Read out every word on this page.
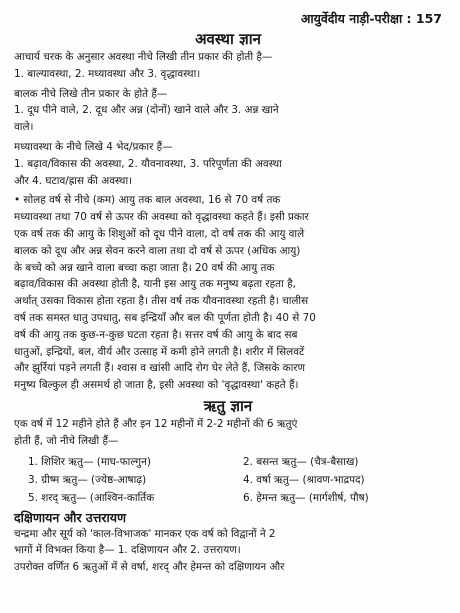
आयुर्वेदीय नाड़ी-परीक्षा : 157
अवस्था ज्ञान

आचार्य चरक के अनुसार अवस्था नीचे लिखी तीन प्रकार की होती है—

1. बाल्यावस्था, 2. मध्यावस्था और 3. वृद्धावस्था।

बालक नीचे लिखे तीन प्रकार के होते हैं—

1. दूध पीने वाले, 2. दूध और अन्न (दोनों) खाने वाले और 3. अन्न खाने

वाले।

मध्यावस्था के नीचे लिखे 4 भेद/प्रकार हैं—

1. बढ़ाव/विकास की अवस्था, 2. यौवनावस्था, 3. परिपूर्णता की अवस्था

और 4. घटाव/ह्रास की अवस्था।

• सोलह वर्ष से नीचे (कम) आयु तक बाल अवस्था, 16 से 70 वर्ष तक

मध्यावस्था तथा 70 वर्ष से ऊपर की अवस्था को वृद्धावस्था कहते हैं। इसी प्रकार

एक वर्ष तक की आयु के शिशुओं को दूध पीने वाला, दो वर्ष तक की आयु वाले

बालक को दूध और अन्न सेवन करने वाला तथा दो वर्ष से ऊपर (अधिक आयु)

के बच्चे को अन्न खाने वाला बच्चा कहा जाता है। 20 वर्ष की आयु तक

बढ़ाव/विकास की अवस्था होती है, यानी इस आयु तक मनुष्य बढ़ता रहता है,

अर्थात् उसका विकास होता रहता है। तीस वर्ष तक यौवनावस्था रहती है। चालीस

वर्ष तक समस्त धातु उपधातु, सब इन्द्रियाँ और बल की पूर्णता होती है। 40 से 70

वर्ष की आयु तक कुछ-न-कुछ घटता रहता है। सत्तर वर्ष की आयु के बाद सब

धातुओं, इन्द्रियों, बल, वीर्य और उत्साह में कमी होने लगती है। शरीर में सिलवटें

और झुर्रियां पड़ने लगती हैं। श्वास व खांसी आदि रोग घेर लेते हैं, जिसके कारण

मनुष्य बिल्कुल ही असमर्थ हो जाता है, इसी अवस्था को 'वृद्धावस्था' कहते हैं।

ऋतु ज्ञान

एक वर्ष में 12 महीने होते हैं और इन 12 महीनों में 2-2 महीनों की 6 ऋतुएं

होती हैं, जो नीचे लिखी हैं—

1. शिशिर ऋतु— (माघ-फाल्गुन)	2. बसन्त ऋतु— (चैत्र-बैसाख)
3. ग्रीष्म ऋतु— (ज्येष्ठ-आषाढ़)	4. वर्षा ऋतु— (श्रावण-भाद्रपद)
5. शरद् ऋतु— (आश्विन-कार्तिक	6. हेमन्त ऋतु— (मार्गशीर्ष, पौष)
दक्षिणायन और उत्तरायण

चन्द्रमा और सूर्य को 'काल-विभाजक' मानकर एक वर्ष को विद्वानों ने 2

भागों में विभक्त किया है— 1. दक्षिणायन और 2. उत्तरायण।

उपरोक्त वर्णित 6 ऋतुओं में से वर्षा, शरद् और हेमन्त को दक्षिणायन और
